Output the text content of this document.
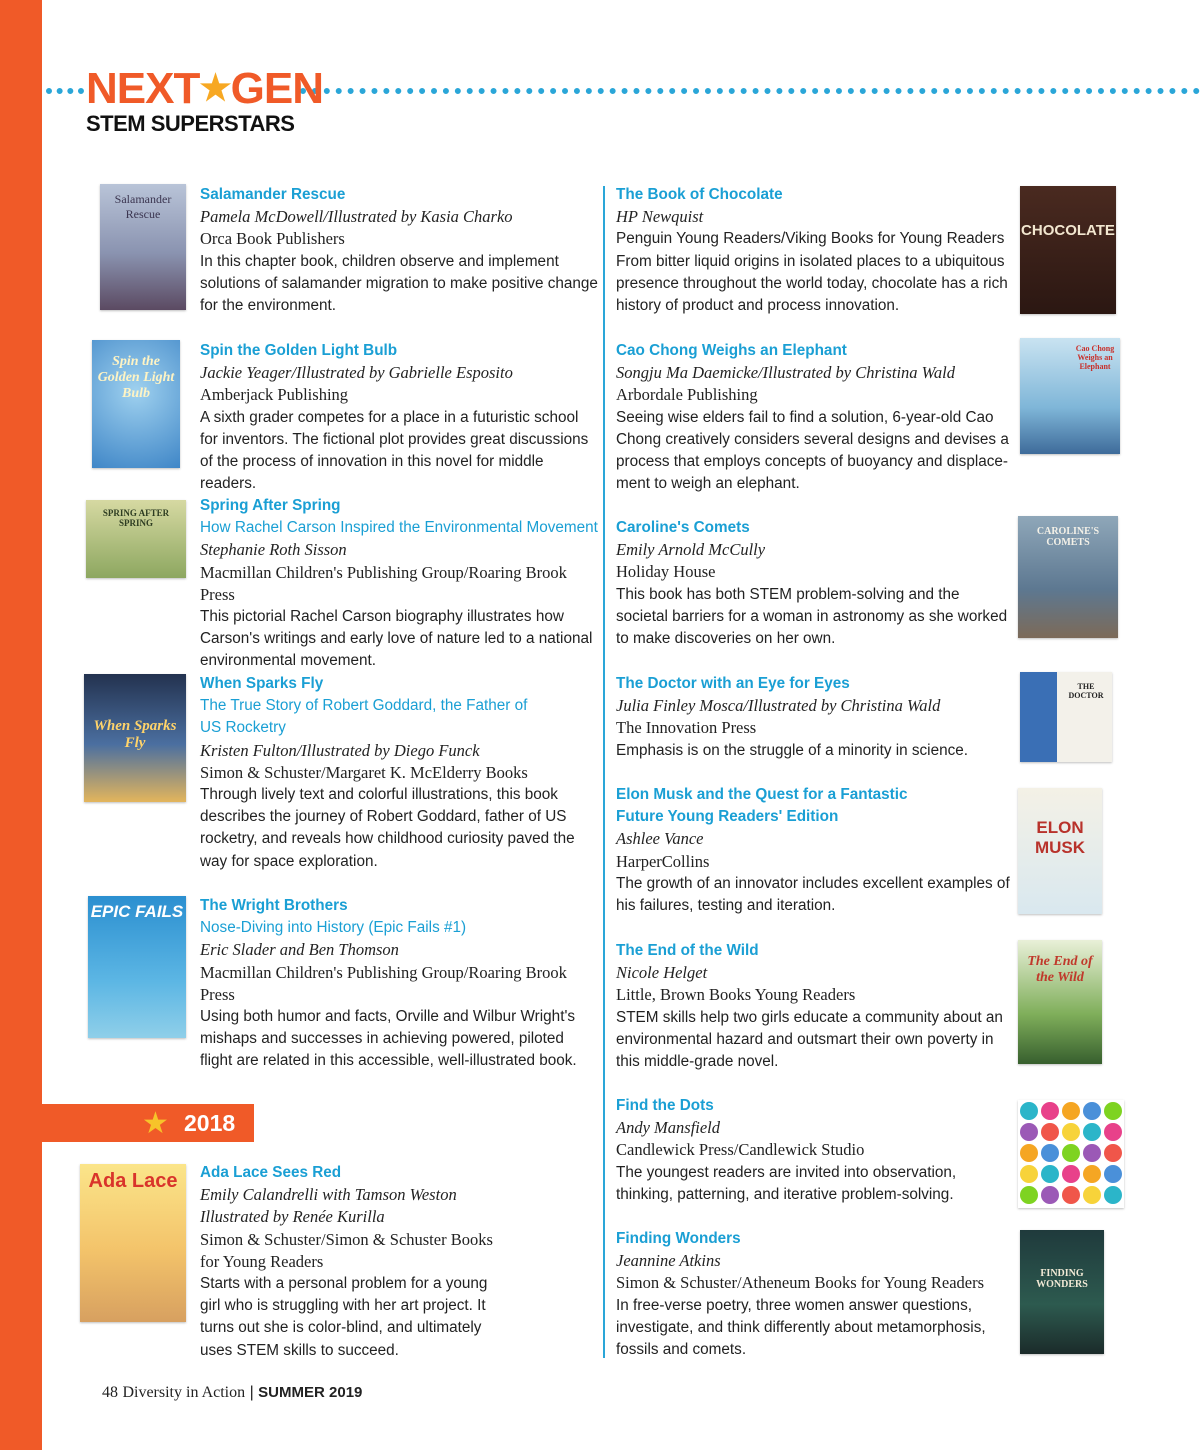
NEXT★GEN
STEM SUPERSTARS
Salamander Rescue
Salamander Rescue
Pamela McDowell/Illustrated by Kasia Charko
Orca Book Publishers
In this chapter book, children observe and implement solutions of salamander migration to make positive change for the environment.
Spin the Golden Light Bulb
Spin the Golden Light Bulb
Jackie Yeager/Illustrated by Gabrielle Esposito
Amberjack Publishing
A sixth grader competes for a place in a futuristic school for inventors. The fictional plot provides great discussions of the process of innovation in this novel for middle readers.
SPRING AFTER SPRING
Spring After Spring
How Rachel Carson Inspired the Environmental Movement
Stephanie Roth Sisson
Macmillan Children's Publishing Group/Roaring Brook Press
This pictorial Rachel Carson biography illustrates how Carson's writings and early love of nature led to a national environmental movement.
When Sparks Fly
When Sparks Fly
The True Story of Robert Goddard, the Father of
US Rocketry
Kristen Fulton/Illustrated by Diego Funck
Simon & Schuster/Margaret K. McElderry Books
Through lively text and colorful illustrations, this book describes the journey of Robert Goddard, father of US rocketry, and reveals how childhood curiosity paved the way for space exploration.
EPIC FAILS The Wright Brothers
Nose-Diving into History (Epic Fails #1)
Eric Slader and Ben Thomson
Macmillan Children's Publishing Group/Roaring Brook Press
Using both humor and facts, Orville and Wilbur Wright's mishaps and successes in achieving powered, piloted flight are related in this accessible, well-illustrated book.
★ 2018
Ada Lace	Ada Lace Sees Red
Emily Calandrelli with Tamson Weston
Illustrated by Renée Kurilla
Simon & Schuster/Simon & Schuster Books
for Young Readers
Starts with a personal problem for a young girl who is struggling with her art project. It turns out she is color-blind, and ultimately uses STEM skills to succeed.
The Book of Chocolate
HP Newquist
Penguin Young Readers/Viking Books for Young Readers
From bitter liquid origins in isolated places to a ubiquitous presence throughout the world today, chocolate has a rich history of product and process innovation.
CHOCOLATE
Cao Chong Weighs an Elephant
Songju Ma Daemicke/Illustrated by Christina Wald
Arbordale Publishing
Seeing wise elders fail to find a solution, 6-year-old Cao Chong creatively considers several designs and devises a process that employs concepts of buoyancy and displace-ment to weigh an elephant.
Cao Chong Weighs an Elephant
Caroline's Comets
Emily Arnold McCully
Holiday House
This book has both STEM problem-solving and the societal barriers for a woman in astronomy as she worked to make discoveries on her own.
CAROLINE'S COMETS
The Doctor with an Eye for Eyes
Julia Finley Mosca/Illustrated by Christina Wald
The Innovation Press
Emphasis is on the struggle of a minority in science.
THE DOCTOR
Elon Musk and the Quest for a Fantastic
Future Young Readers' Edition
Ashlee Vance
HarperCollins
The growth of an innovator includes excellent examples of his failures, testing and iteration.
ELON MUSK
The End of the Wild
Nicole Helget
Little, Brown Books Young Readers
STEM skills help two girls educate a community about an environmental hazard and outsmart their own poverty in this middle-grade novel.
The End of the Wild
Find the Dots
Andy Mansfield
Candlewick Press/Candlewick Studio
The youngest readers are invited into observation, thinking, patterning, and iterative problem-solving.
Finding Wonders
Jeannine Atkins
Simon & Schuster/Atheneum Books for Young Readers
In free-verse poetry, three women answer questions, investigate, and think differently about metamorphosis, fossils and comets.
FINDING WONDERS
48 Diversity in Action | SUMMER 2019
